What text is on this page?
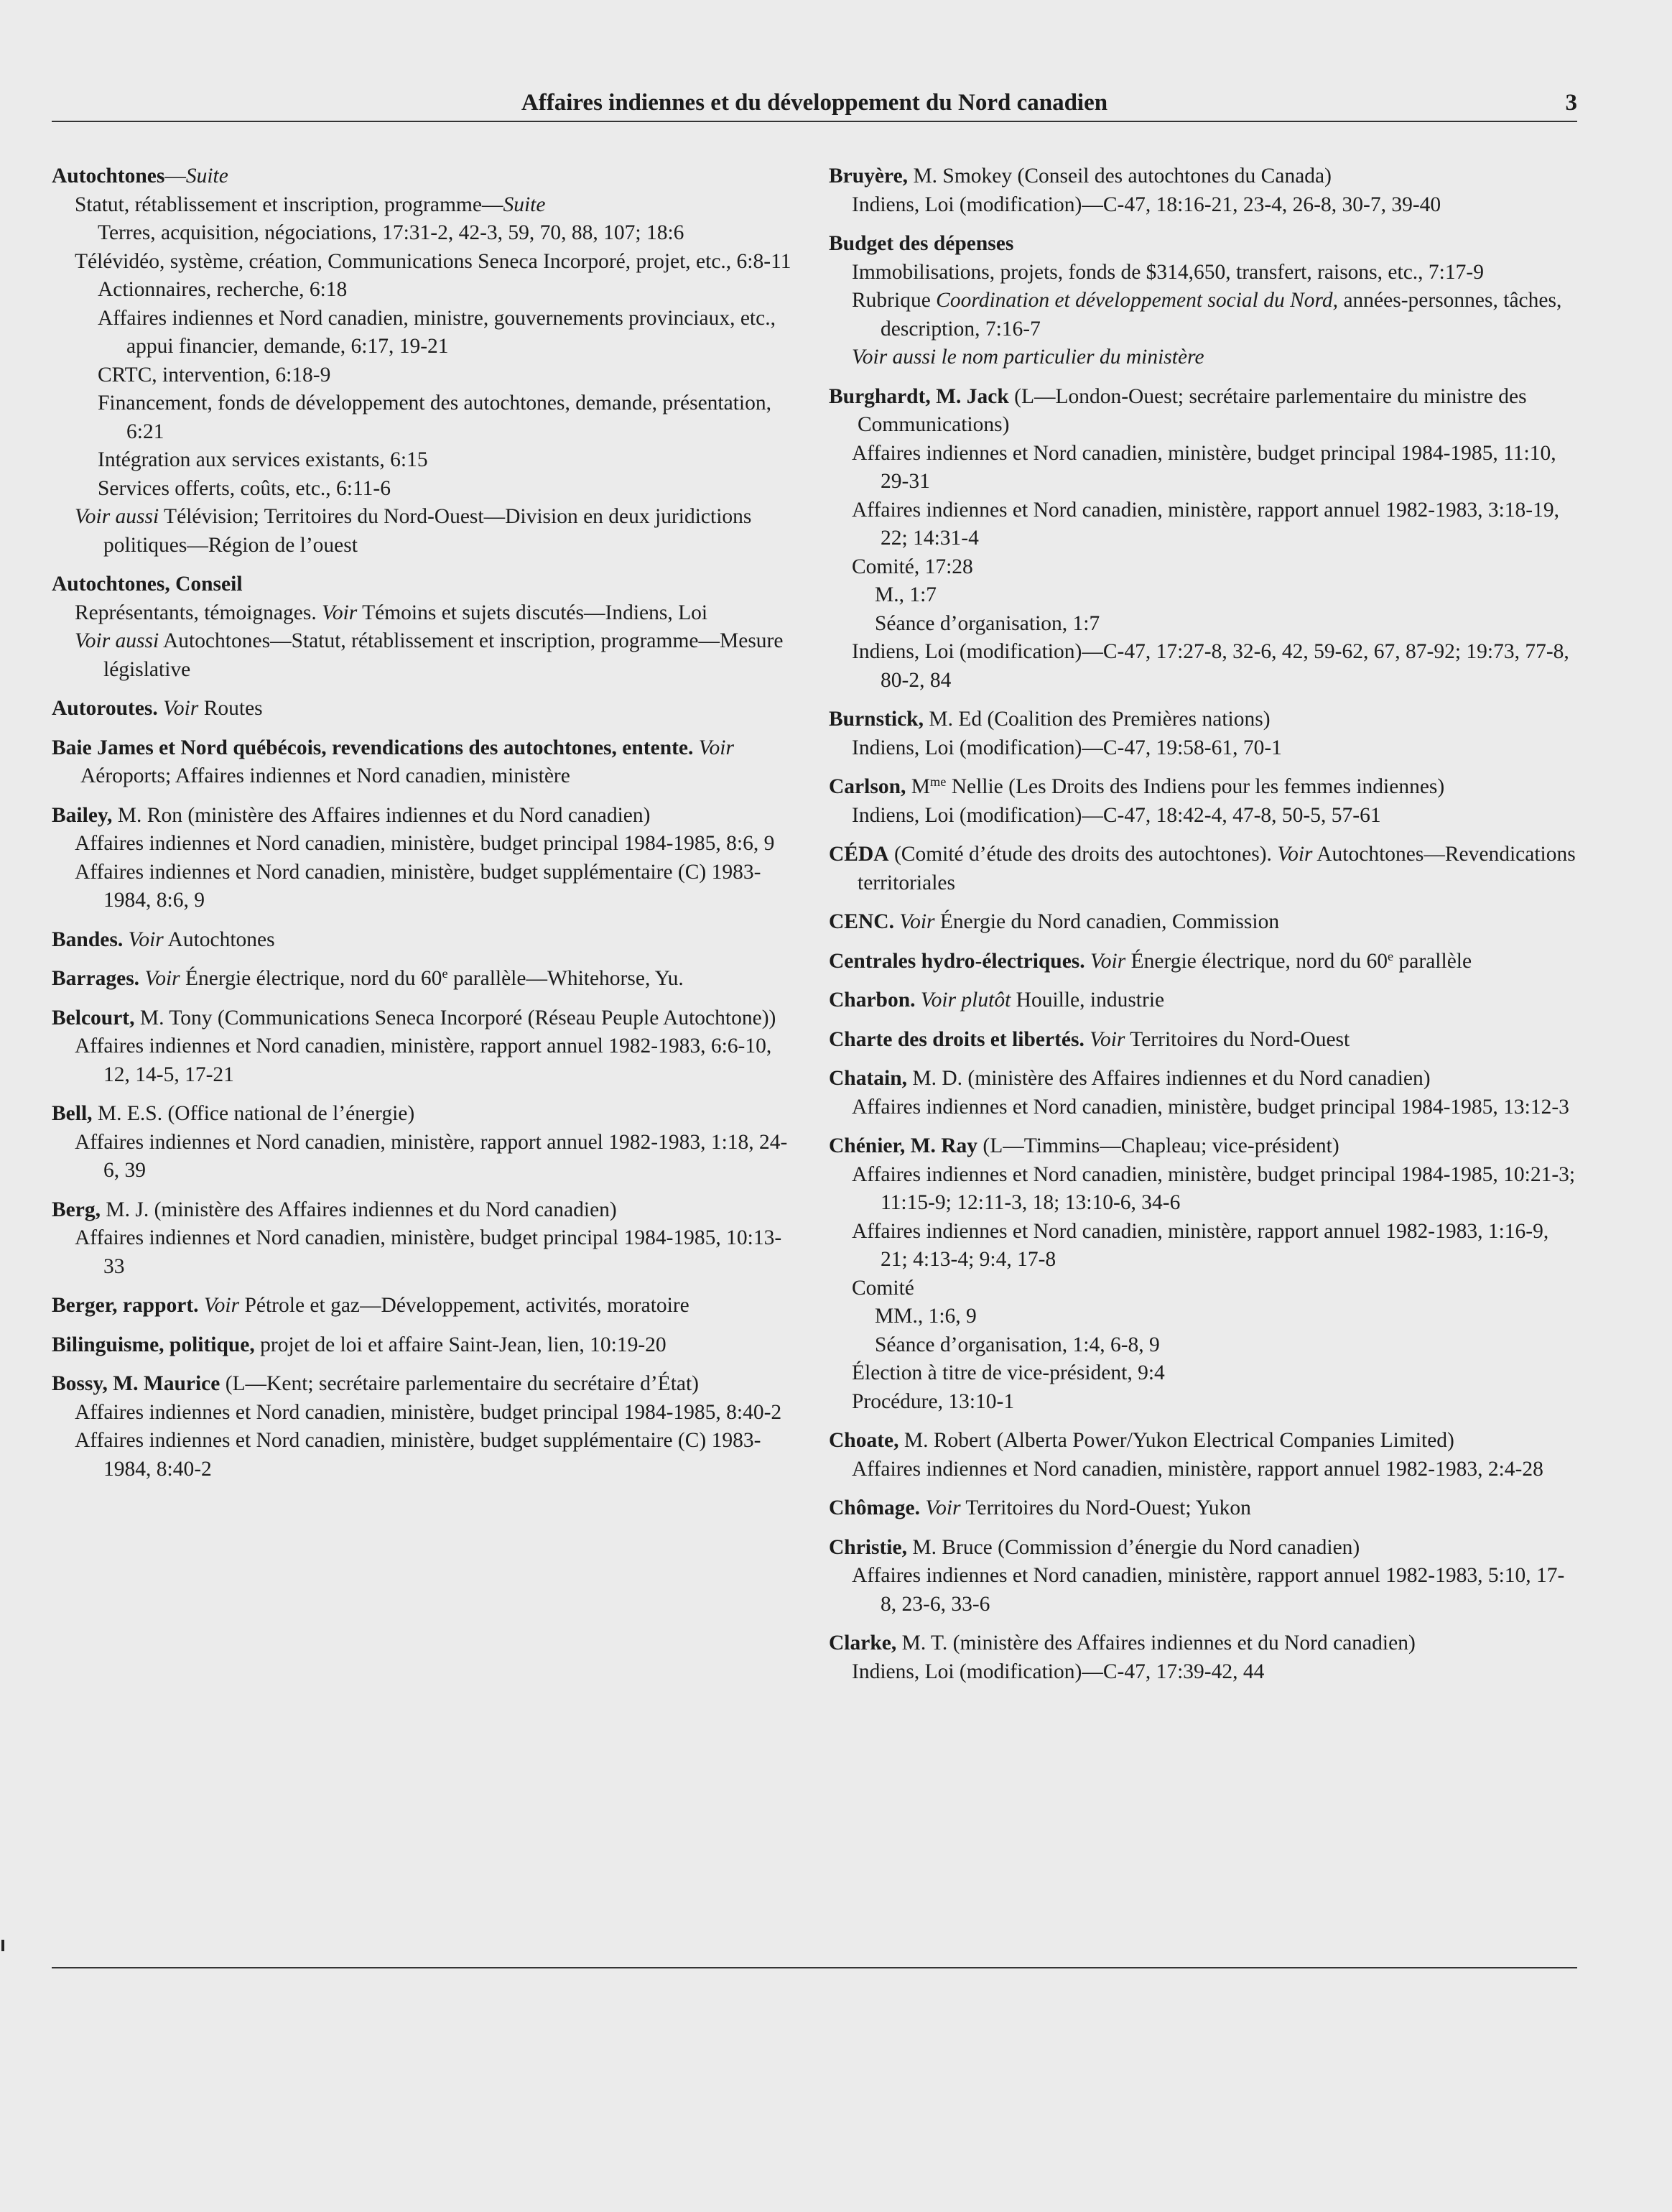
Affaires indiennes et du développement du Nord canadien	3
Autochtones—Suite
Statut, rétablissement et inscription, programme—Suite
Terres, acquisition, négociations, 17:31-2, 42-3, 59, 70, 88, 107; 18:6
Télévidéo, système, création, Communications Seneca Incorporé, projet, etc., 6:8-11
Actionnaires, recherche, 6:18
Affaires indiennes et Nord canadien, ministre, gouvernements provinciaux, etc., appui financier, demande, 6:17, 19-21
CRTC, intervention, 6:18-9
Financement, fonds de développement des autochtones, demande, présentation, 6:21
Intégration aux services existants, 6:15
Services offerts, coûts, etc., 6:11-6
Voir aussi Télévision; Territoires du Nord-Ouest—Division en deux juridictions politiques—Région de l’ouest
Autochtones, Conseil
Représentants, témoignages. Voir Témoins et sujets discutés—Indiens, Loi
Voir aussi Autochtones—Statut, rétablissement et inscription, programme—Mesure législative
Autoroutes. Voir Routes
Baie James et Nord québécois, revendications des autochtones, entente. Voir Aéroports; Affaires indiennes et Nord canadien, ministère
Bailey, M. Ron (ministère des Affaires indiennes et du Nord canadien)
Affaires indiennes et Nord canadien, ministère, budget principal 1984-1985, 8:6, 9
Affaires indiennes et Nord canadien, ministère, budget supplémentaire (C) 1983-1984, 8:6, 9
Bandes. Voir Autochtones
Barrages. Voir Énergie électrique, nord du 60e parallèle—Whitehorse, Yu.
Belcourt, M. Tony (Communications Seneca Incorporé (Réseau Peuple Autochtone))
Affaires indiennes et Nord canadien, ministère, rapport annuel 1982-1983, 6:6-10, 12, 14-5, 17-21
Bell, M. E.S. (Office national de l’énergie)
Affaires indiennes et Nord canadien, ministère, rapport annuel 1982-1983, 1:18, 24-6, 39
Berg, M. J. (ministère des Affaires indiennes et du Nord canadien)
Affaires indiennes et Nord canadien, ministère, budget principal 1984-1985, 10:13-33
Berger, rapport. Voir Pétrole et gaz—Développement, activités, moratoire
Bilinguisme, politique, projet de loi et affaire Saint-Jean, lien, 10:19-20
Bossy, M. Maurice (L—Kent; secrétaire parlementaire du secrétaire d’État)
Affaires indiennes et Nord canadien, ministère, budget principal 1984-1985, 8:40-2
Affaires indiennes et Nord canadien, ministère, budget supplémentaire (C) 1983-1984, 8:40-2
Bruyère, M. Smokey (Conseil des autochtones du Canada)
Indiens, Loi (modification)—C-47, 18:16-21, 23-4, 26-8, 30-7, 39-40
Budget des dépenses
Immobilisations, projets, fonds de $314,650, transfert, raisons, etc., 7:17-9
Rubrique Coordination et développement social du Nord, années-personnes, tâches, description, 7:16-7
Voir aussi le nom particulier du ministère
Burghardt, M. Jack (L—London-Ouest; secrétaire parlementaire du ministre des Communications)
Affaires indiennes et Nord canadien, ministère, budget principal 1984-1985, 11:10, 29-31
Affaires indiennes et Nord canadien, ministère, rapport annuel 1982-1983, 3:18-19, 22; 14:31-4
Comité, 17:28
M., 1:7
Séance d’organisation, 1:7
Indiens, Loi (modification)—C-47, 17:27-8, 32-6, 42, 59-62, 67, 87-92; 19:73, 77-8, 80-2, 84
Burnstick, M. Ed (Coalition des Premières nations)
Indiens, Loi (modification)—C-47, 19:58-61, 70-1
Carlson, $M^{me}$ Nellie (Les Droits des Indiens pour les femmes indiennes)
Indiens, Loi (modification)—C-47, 18:42-4, 47-8, 50-5, 57-61
CÉDA (Comité d’étude des droits des autochtones). Voir Autochtones—Revendications territoriales
CENC. Voir Énergie du Nord canadien, Commission
Centrales hydro-électriques. Voir Énergie électrique, nord du 60e parallèle
Charbon. Voir plutôt Houille, industrie
Charte des droits et libertés. Voir Territoires du Nord-Ouest
Chatain, M. D. (ministère des Affaires indiennes et du Nord canadien)
Affaires indiennes et Nord canadien, ministère, budget principal 1984-1985, 13:12-3
Chénier, M. Ray (L—Timmins—Chapleau; vice-président)
Affaires indiennes et Nord canadien, ministère, budget principal 1984-1985, 10:21-3; 11:15-9; 12:11-3, 18; 13:10-6, 34-6
Affaires indiennes et Nord canadien, ministère, rapport annuel 1982-1983, 1:16-9, 21; 4:13-4; 9:4, 17-8
Comité
MM., 1:6, 9
Séance d’organisation, 1:4, 6-8, 9
Élection à titre de vice-président, 9:4
Procédure, 13:10-1
Choate, M. Robert (Alberta Power/Yukon Electrical Companies Limited)
Affaires indiennes et Nord canadien, ministère, rapport annuel 1982-1983, 2:4-28
Chômage. Voir Territoires du Nord-Ouest; Yukon
Christie, M. Bruce (Commission d’énergie du Nord canadien)
Affaires indiennes et Nord canadien, ministère, rapport annuel 1982-1983, 5:10, 17-8, 23-6, 33-6
Clarke, M. T. (ministère des Affaires indiennes et du Nord canadien)
Indiens, Loi (modification)—C-47, 17:39-42, 44
